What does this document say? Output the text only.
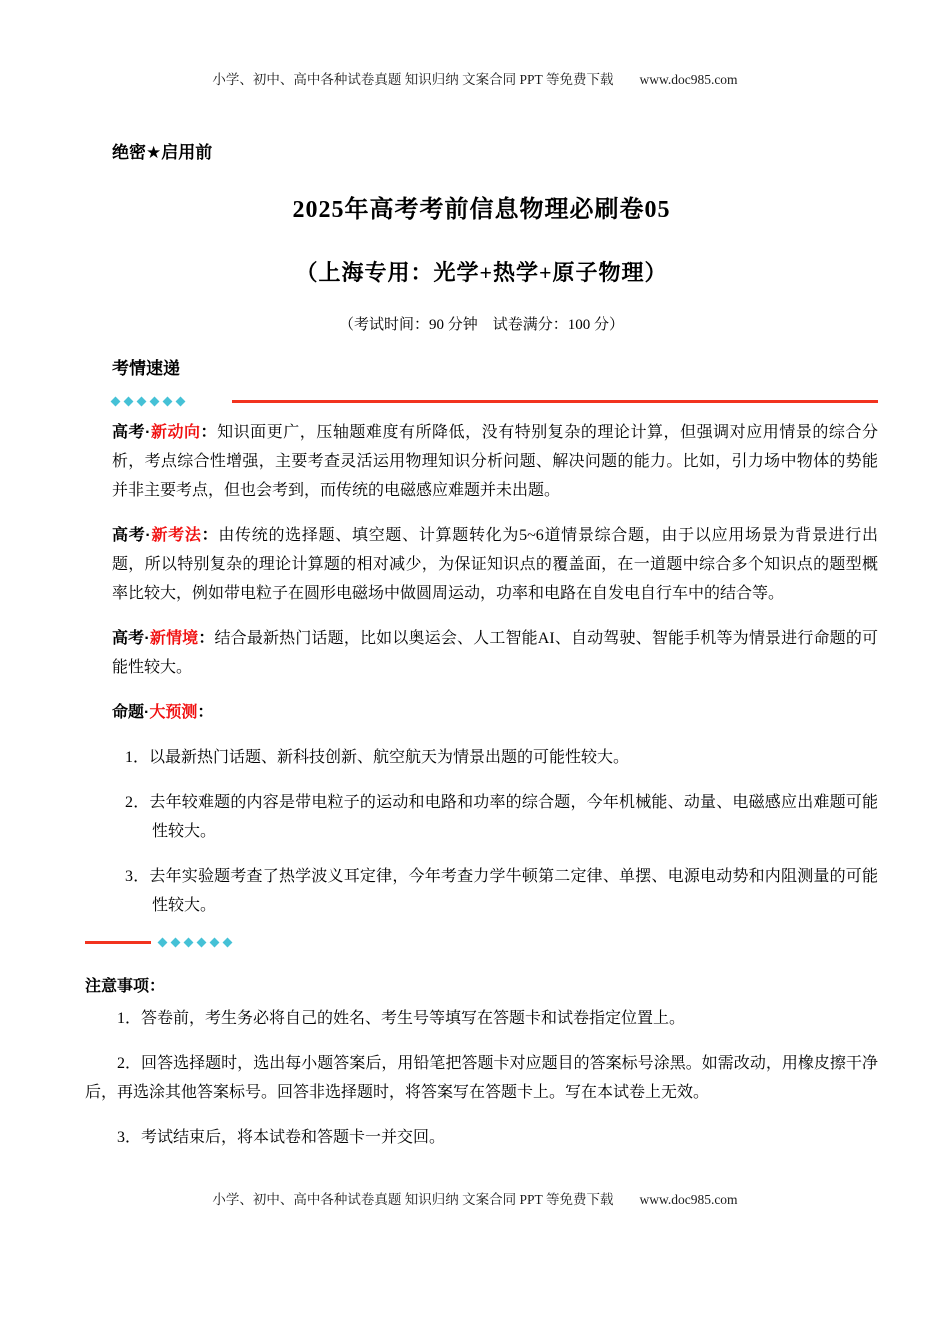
小学、初中、高中各种试卷真题 知识归纳 文案合同 PPT 等免费下载 www.doc985.com
绝密★启用前
2025年高考考前信息物理必刷卷05
（上海专用：光学+热学+原子物理）
（考试时间：90 分钟　试卷满分：100 分）
考情速递

高考·新动向：知识面更广，压轴题难度有所降低，没有特别复杂的理论计算，但强调对应用情景的综合分析，考点综合性增强，主要考查灵活运用物理知识分析问题、解决问题的能力。比如，引力场中物体的势能并非主要考点，但也会考到，而传统的电磁感应难题并未出题。

高考·新考法：由传统的选择题、填空题、计算题转化为5~6道情景综合题，由于以应用场景为背景进行出题，所以特别复杂的理论计算题的相对减少，为保证知识点的覆盖面，在一道题中综合多个知识点的题型概率比较大，例如带电粒子在圆形电磁场中做圆周运动，功率和电路在自发电自行车中的结合等。

高考·新情境：结合最新热门话题，比如以奥运会、人工智能AI、自动驾驶、智能手机等为情景进行命题的可能性较大。

命题·大预测：

1．以最新热门话题、新科技创新、航空航天为情景出题的可能性较大。

2．去年较难题的内容是带电粒子的运动和电路和功率的综合题，今年机械能、动量、电磁感应出难题可能性较大。

3．去年实验题考查了热学波义耳定律，今年考查力学牛顿第二定律、单摆、电源电动势和内阻测量的可能性较大。

注意事项：

1．答卷前，考生务必将自己的姓名、考生号等填写在答题卡和试卷指定位置上。

2．回答选择题时，选出每小题答案后，用铅笔把答题卡对应题目的答案标号涂黑。如需改动，用橡皮擦干净后，再选涂其他答案标号。回答非选择题时，将答案写在答题卡上。写在本试卷上无效。

3．考试结束后，将本试卷和答题卡一并交回。

小学、初中、高中各种试卷真题 知识归纳 文案合同 PPT 等免费下载 www.doc985.com
